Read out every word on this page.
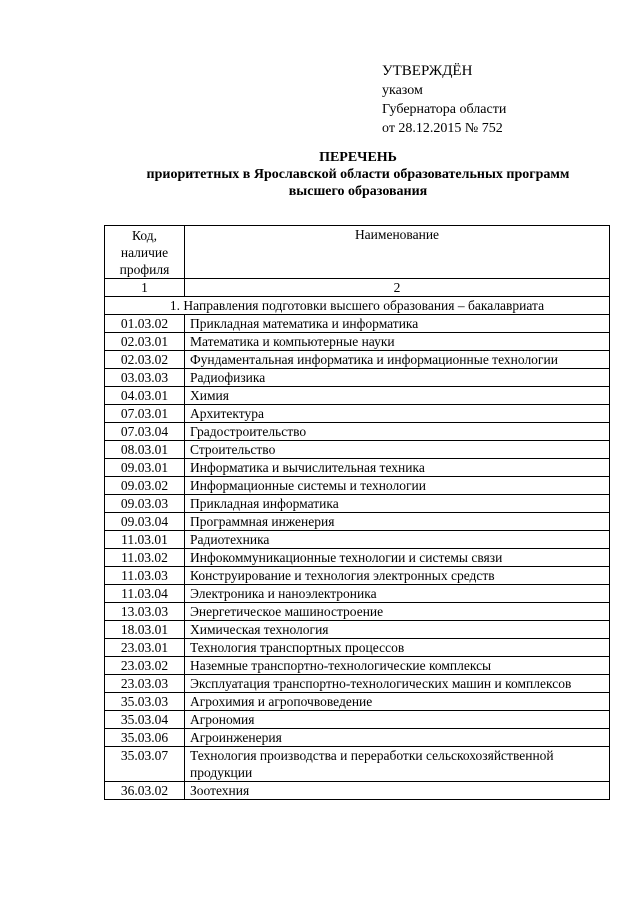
УТВЕРЖДЁН
указом
Губернатора области
от 28.12.2015 № 752
ПЕРЕЧЕНЬ
приоритетных в Ярославской области образовательных программ
высшего образования
Код,
наличие
профиля	Наименование
1	2
1. Направления подготовки высшего образования – бакалавриата	
01.03.02	Прикладная математика и информатика
02.03.01	Математика и компьютерные науки
02.03.02	Фундаментальная информатика и информационные технологии
03.03.03	Радиофизика
04.03.01	Химия
07.03.01	Архитектура
07.03.04	Градостроительство
08.03.01	Строительство
09.03.01	Информатика и вычислительная техника
09.03.02	Информационные системы и технологии
09.03.03	Прикладная информатика
09.03.04	Программная инженерия
11.03.01	Радиотехника
11.03.02	Инфокоммуникационные технологии и системы связи
11.03.03	Конструирование и технология электронных средств
11.03.04	Электроника и наноэлектроника
13.03.03	Энергетическое машиностроение
18.03.01	Химическая технология
23.03.01	Технология транспортных процессов
23.03.02	Наземные транспортно-технологические комплексы
23.03.03	Эксплуатация транспортно-технологических машин и комплексов
35.03.03	Агрохимия и агропочвоведение
35.03.04	Агрономия
35.03.06	Агроинженерия
35.03.07	Технология производства и переработки сельскохозяйственной продукции
36.03.02	Зоотехния
